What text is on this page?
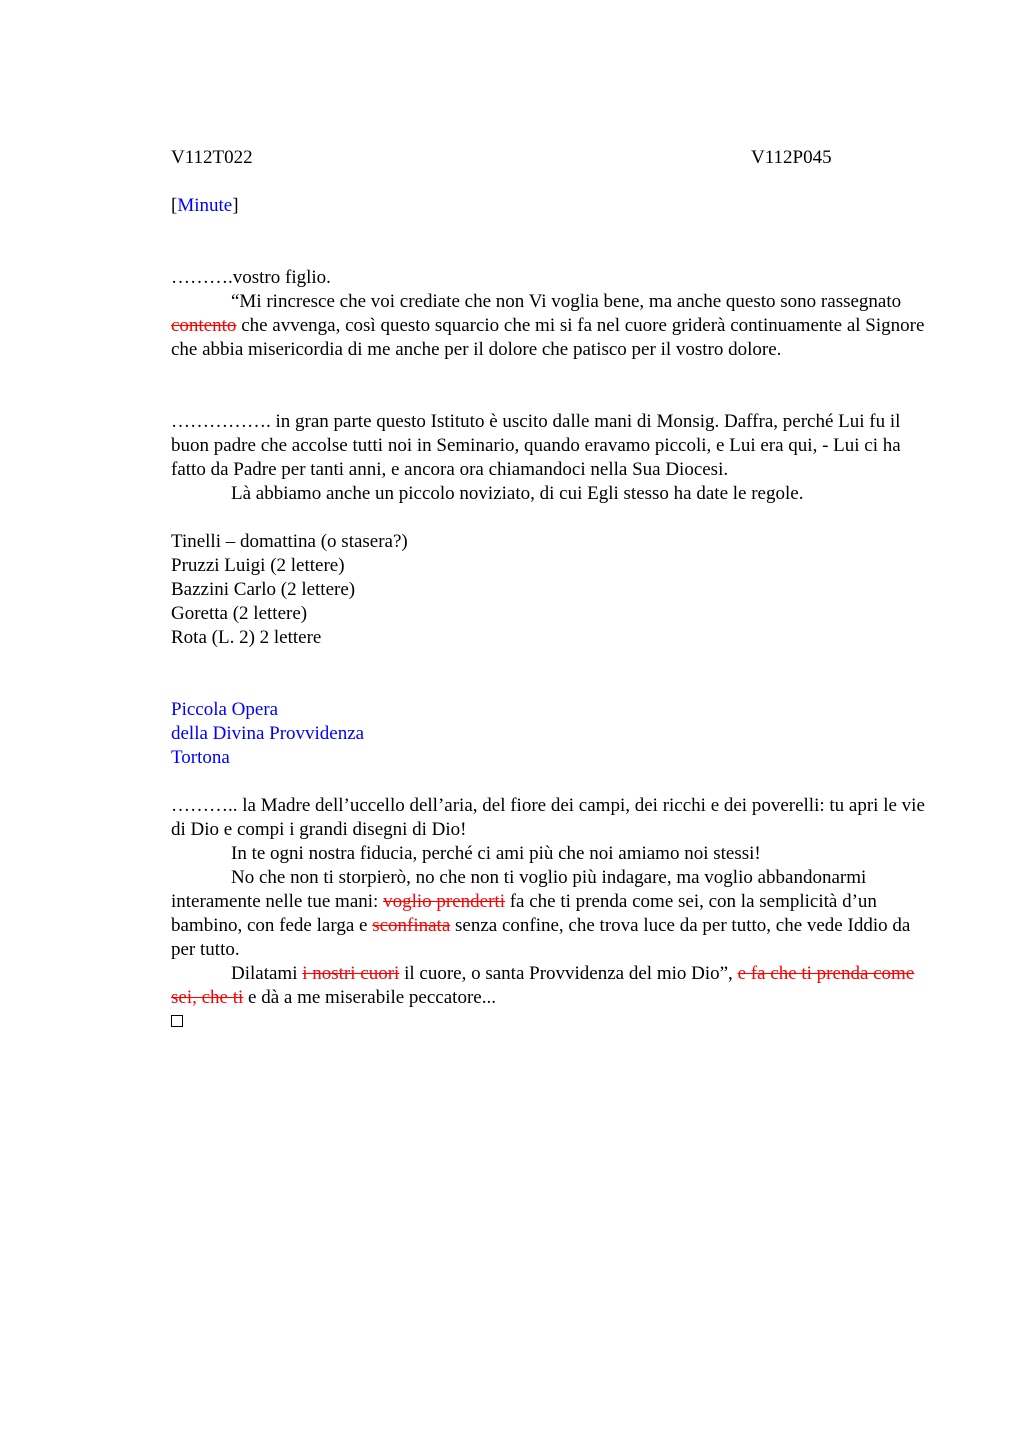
V112T022	V112P045

[Minute]

……….vostro figlio.

“Mi rincresce che voi crediate che non Vi voglia bene, ma anche questo sono rassegnato contento che avvenga, così questo squarcio che mi si fa nel cuore griderà continuamente al Signore che abbia misericordia di me anche per il dolore che patisco per il vostro dolore.

……………. in gran parte questo Istituto è uscito dalle mani di Monsig. Daffra, perché Lui fu il buon padre che accolse tutti noi in Seminario, quando eravamo piccoli, e Lui era qui, - Lui ci ha fatto da Padre per tanti anni, e ancora ora chiamandoci nella Sua Diocesi.

Là abbiamo anche un piccolo noviziato, di cui Egli stesso ha date le regole.

Tinelli – domattina (o stasera?)

Pruzzi Luigi (2 lettere)

Bazzini Carlo (2 lettere)

Goretta (2 lettere)

Rota (L. 2) 2 lettere

Piccola Opera

della Divina Provvidenza

Tortona

……….. la Madre dell’uccello dell’aria, del fiore dei campi, dei ricchi e dei poverelli: tu apri le vie di Dio e compi i grandi disegni di Dio!

In te ogni nostra fiducia, perché ci ami più che noi amiamo noi stessi!

No che non ti storpierò, no che non ti voglio più indagare, ma voglio abbandonarmi interamente nelle tue mani: voglio prenderti fa che ti prenda come sei, con la semplicità d’un bambino, con fede larga e sconfinata senza confine, che trova luce da per tutto, che vede Iddio da per tutto.

Dilatami i nostri cuori il cuore, o santa Provvidenza del mio Dio”, e fa che ti prenda come sei, che ti e dà a me miserabile peccatore...
